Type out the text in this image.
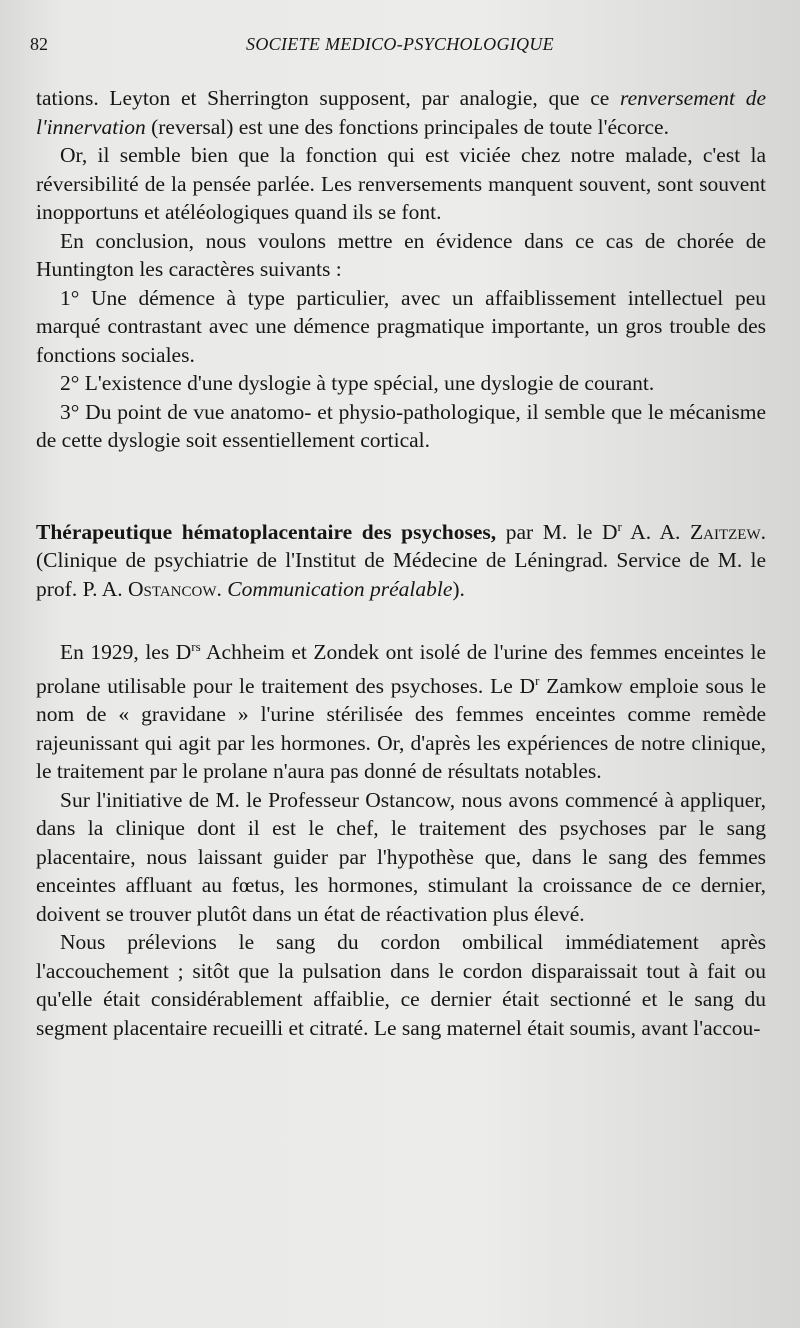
82	SOCIETE MEDICO-PSYCHOLOGIQUE

tations. Leyton et Sherrington supposent, par analogie, que ce renversement de l'innervation (reversal) est une des fonctions principales de toute l'écorce.

Or, il semble bien que la fonction qui est viciée chez notre malade, c'est la réversibilité de la pensée parlée. Les renversements manquent souvent, sont souvent inopportuns et atéléologiques quand ils se font.

En conclusion, nous voulons mettre en évidence dans ce cas de chorée de Huntington les caractères suivants :

1° Une démence à type particulier, avec un affaiblissement intellectuel peu marqué contrastant avec une démence pragmatique importante, un gros trouble des fonctions sociales.

2° L'existence d'une dyslogie à type spécial, une dyslogie de courant.

3° Du point de vue anatomo- et physio-pathologique, il semble que le mécanisme de cette dyslogie soit essentiellement cortical.

Thérapeutique hématoplacentaire des psychoses, par M. le $D^r$ A. A. Zaitzew. (Clinique de psychiatrie de l'Institut de Médecine de Léningrad. Service de M. le prof. P. A. Ostancow. Communication préalable).

En 1929, les $D^{rs}$ Achheim et Zondek ont isolé de l'urine des femmes enceintes le prolane utilisable pour le traitement des psychoses. Le $D^r$ Zamkow emploie sous le nom de « gravidane » l'urine stérilisée des femmes enceintes comme remède rajeunissant qui agit par les hormones. Or, d'après les expériences de notre clinique, le traitement par le prolane n'aura pas donné de résultats notables.

Sur l'initiative de M. le Professeur Ostancow, nous avons commencé à appliquer, dans la clinique dont il est le chef, le traitement des psychoses par le sang placentaire, nous laissant guider par l'hypothèse que, dans le sang des femmes enceintes affluant au fœtus, les hormones, stimulant la croissance de ce dernier, doivent se trouver plutôt dans un état de réactivation plus élevé.

Nous prélevions le sang du cordon ombilical immédiatement après l'accouchement ; sitôt que la pulsation dans le cordon disparaissait tout à fait ou qu'elle était considérablement affaiblie, ce dernier était sectionné et le sang du segment placentaire recueilli et citraté. Le sang maternel était soumis, avant l'accou-
